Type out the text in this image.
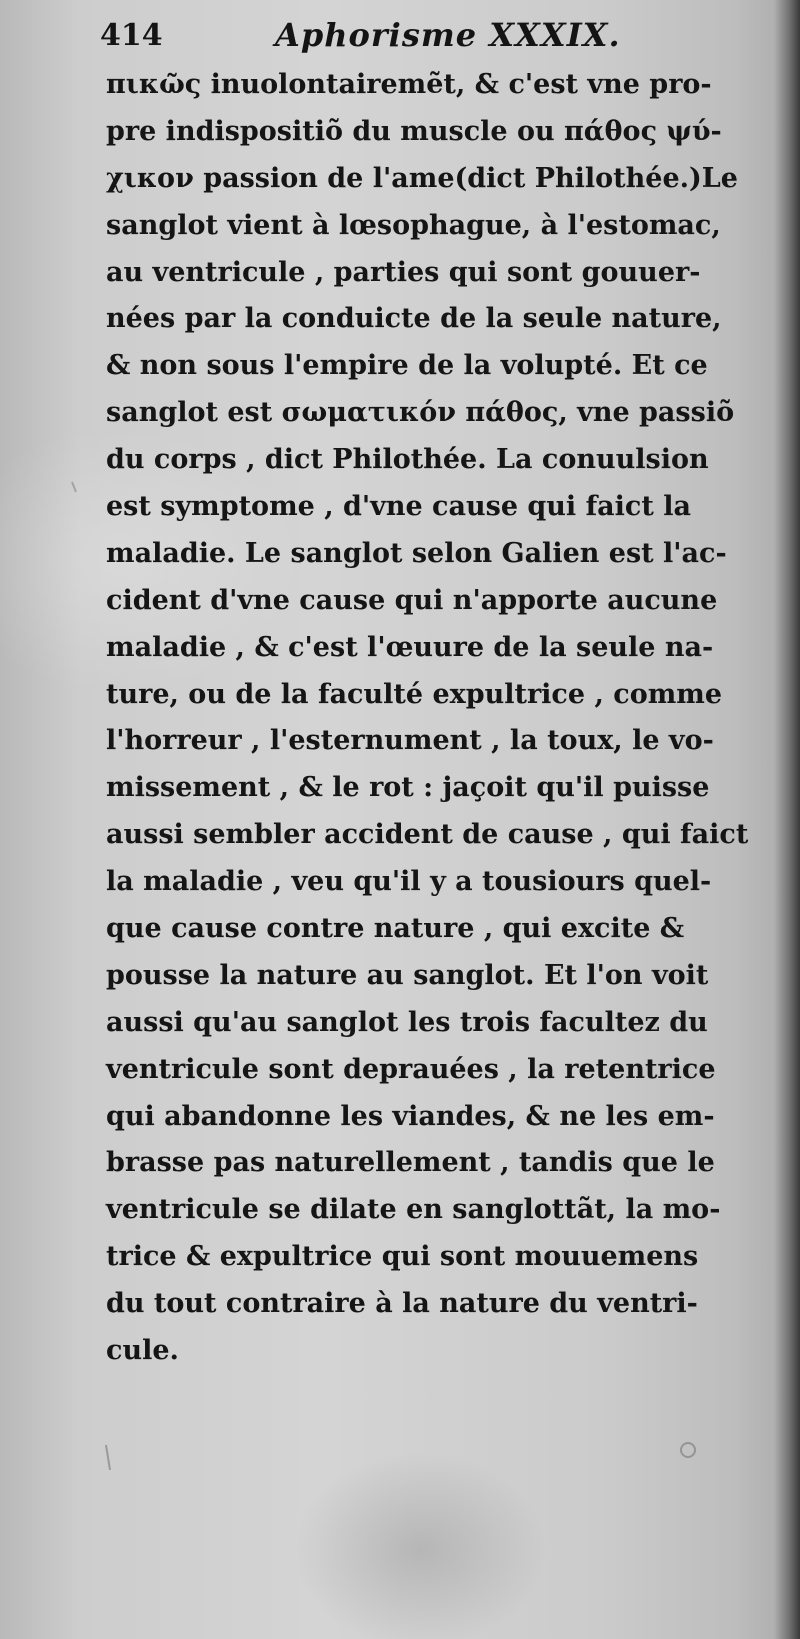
414	Aphorisme XXXIX.
πικῶς inuolontairemẽt, & c'est vne pro-
pre indispositiõ du muscle ou πάθος ψύ-
χικον passion de l'ame(dict Philothée.)Le
sanglot vient à lœsophague, à l'estomac,
au ventricule , parties qui sont gouuer-
nées par la conduicte de la seule nature,
& non sous l'empire de la volupté. Et ce
sanglot est σωματικόν πάθος, vne passiõ
du corps , dict Philothée. La conuulsion
est symptome , d'vne cause qui faict la
maladie. Le sanglot selon Galien est l'ac-
cident d'vne cause qui n'apporte aucune
maladie , & c'est l'œuure de la seule na-
ture, ou de la faculté expultrice , comme
l'horreur , l'esternument , la toux, le vo-
missement , & le rot : jaçoit qu'il puisse
aussi sembler accident de cause , qui faict
la maladie , veu qu'il y a tousiours quel-
que cause contre nature , qui excite &
pousse la nature au sanglot. Et l'on voit
aussi qu'au sanglot les trois facultez du
ventricule sont deprauées , la retentrice
qui abandonne les viandes, & ne les em-
brasse pas naturellement , tandis que le
ventricule se dilate en sanglottãt, la mo-
trice & expultrice qui sont mouuemens
du tout contraire à la nature du ventri-
cule.
